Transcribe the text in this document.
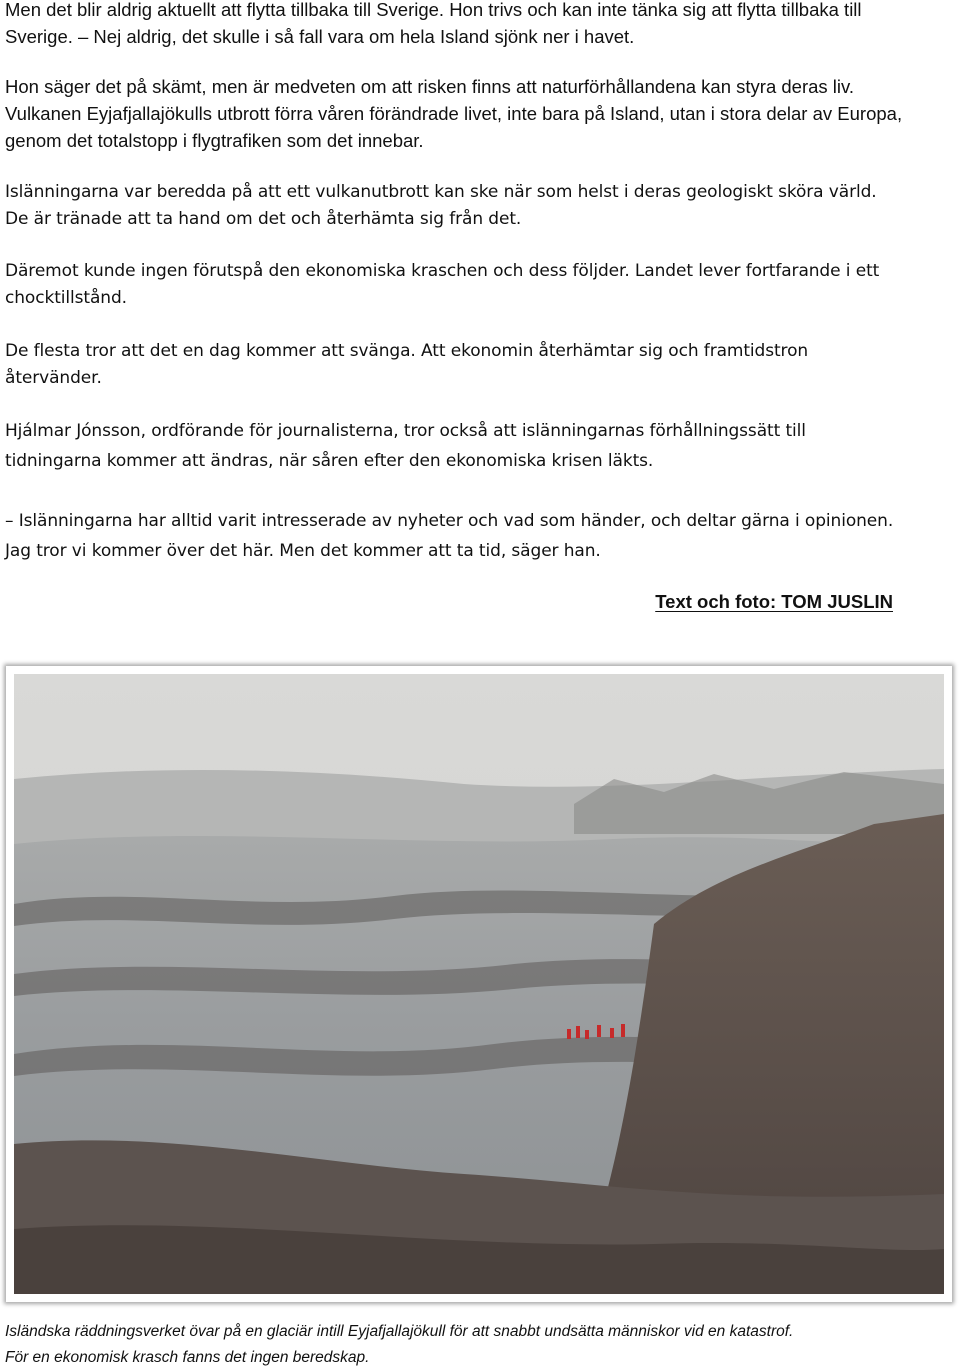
Men det blir aldrig aktuellt att flytta tillbaka till Sverige. Hon trivs och kan inte tänka sig att flytta tillbaka till Sverige. – Nej aldrig, det skulle i så fall vara om hela Island sjönk ner i havet.

Hon säger det på skämt, men är medveten om att risken finns att naturförhållandena kan styra deras liv. Vulkanen Eyjafjallajökulls utbrott förra våren förändrade livet, inte bara på Island, utan i stora delar av Europa, genom det totalstopp i flygtrafiken som det innebar.

Islänningarna var beredda på att ett vulkanutbrott kan ske när som helst i deras geologiskt sköra värld. De är tränade att ta hand om det och återhämta sig från det.

Däremot kunde ingen förutspå den ekonomiska kraschen och dess följder. Landet lever fortfarande i ett chocktillstånd.

De flesta tror att det en dag kommer att svänga. Att ekonomin återhämtar sig och framtidstron återvänder.

Hjálmar Jónsson, ordförande för journalisterna, tror också att islänningarnas förhållningssätt till tidningarna kommer att ändras, när såren efter den ekonomiska krisen läkts.

– Islänningarna har alltid varit intresserade av nyheter och vad som händer, och deltar gärna i opinionen. Jag tror vi kommer över det här. Men det kommer att ta tid, säger han.

Text och foto: TOM JUSLIN

Isländska räddningsverket övar på en glaciär intill Eyjafjallajökull för att snabbt undsätta människor vid en katastrof.

För en ekonomisk krasch fanns det ingen beredskap.
